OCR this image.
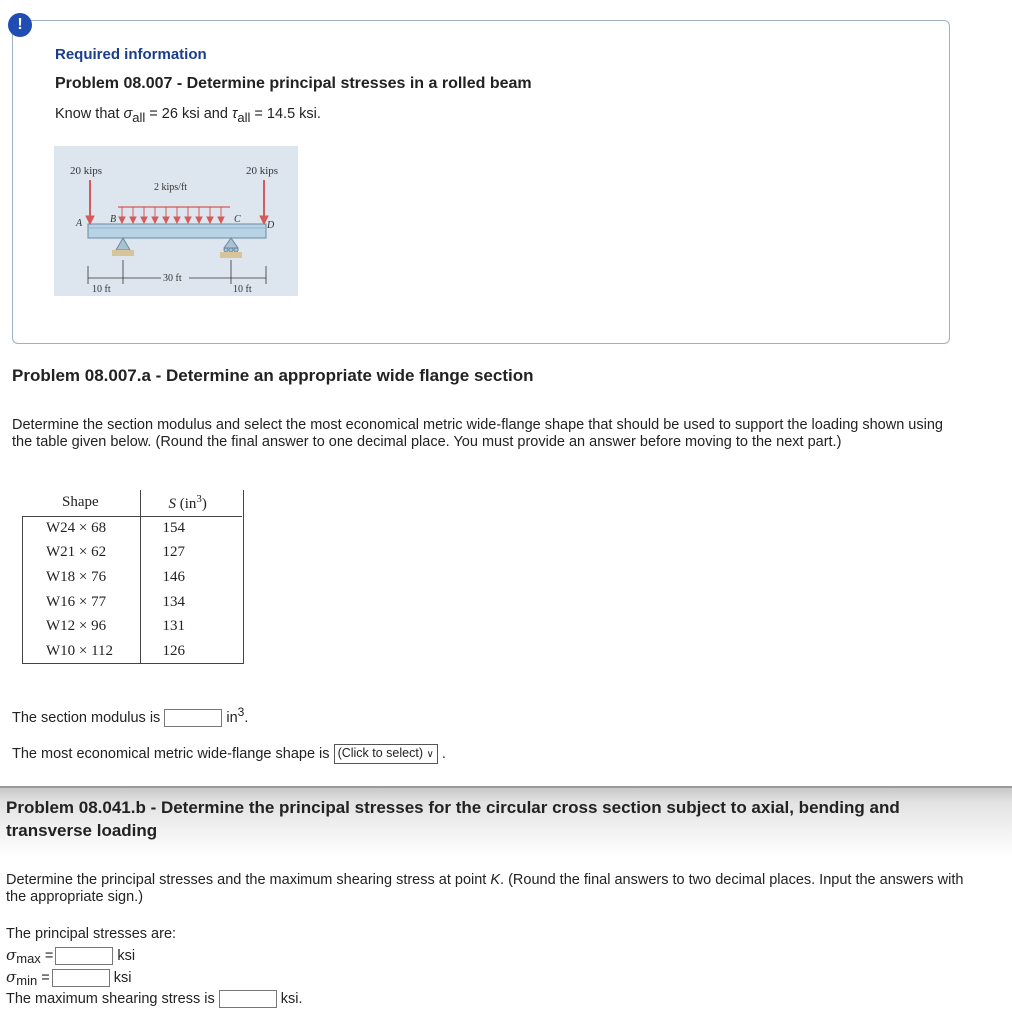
!
Required information
Problem 08.007 - Determine principal stresses in a rolled beam
Know that $\sigma_{all} = 26$ ksi and $\tau_{all} = 14.5$ ksi.
20 kips	20 kips
2 kips/ft
A	B	C
D
10 ft
30 ft
10 ft
Problem 08.007.a - Determine an appropriate wide flange section
Determine the section modulus and select the most economical metric wide-flange shape that should be used to support the loading shown using the table given below. (Round the final answer to one decimal place. You must provide an answer before moving to the next part.)
Shape	S $(in^3)$
W24 × 68	154
W21 × 62	127
W18 × 76	146
W16 × 77	134
W12 × 96	131
W10 × 112	126
The section modulus is	$in^3$.
The most economical metric wide-flange shape is (Click to select) ∨ .
Problem 08.041.b - Determine the principal stresses for the circular cross section subject to axial, bending and transverse loading
Determine the principal stresses and the maximum shearing stress at point K. (Round the final answers to two decimal places. Input the answers with the appropriate sign.)
The principal stresses are:
σmax =	ksi
σmin =	ksi
The maximum shearing stress is	ksi.
